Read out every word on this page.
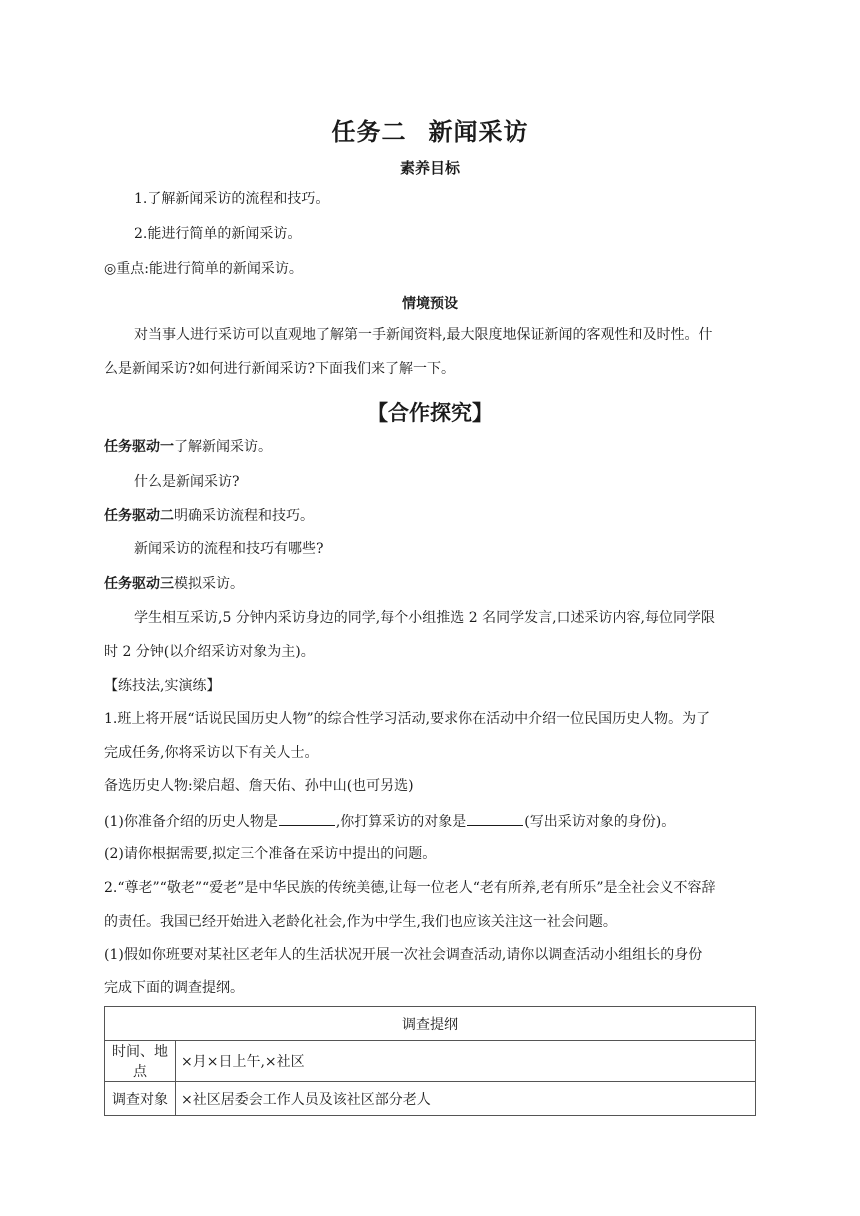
任务二 新闻采访
素养目标
1.了解新闻采访的流程和技巧。
2.能进行简单的新闻采访。
◎重点:能进行简单的新闻采访。
情境预设
对当事人进行采访可以直观地了解第一手新闻资料,最大限度地保证新闻的客观性和及时性。什
么是新闻采访?如何进行新闻采访?下面我们来了解一下。
【合作探究】
任务驱动一了解新闻采访。
什么是新闻采访?
任务驱动二明确采访流程和技巧。
新闻采访的流程和技巧有哪些?
任务驱动三模拟采访。
学生相互采访,5 分钟内采访身边的同学,每个小组推选 2 名同学发言,口述采访内容,每位同学限
时 2 分钟(以介绍采访对象为主)。
【练技法,实演练】
1.班上将开展“话说民国历史人物”的综合性学习活动,要求你在活动中介绍一位民国历史人物。为了
完成任务,你将采访以下有关人士。
备选历史人物:梁启超、詹天佑、孙中山(也可另选)
(1)你准备介绍的历史人物是	,你打算采访的对象是	(写出采访对象的身份)。
(2)请你根据需要,拟定三个准备在采访中提出的问题。
2.“尊老”“敬老”“爱老”是中华民族的传统美德,让每一位老人“老有所养,老有所乐”是全社会义不容辞
的责任。我国已经开始进入老龄化社会,作为中学生,我们也应该关注这一社会问题。
(1)假如你班要对某社区老年人的生活状况开展一次社会调查活动,请你以调查活动小组组长的身份
完成下面的调查提纲。
调查提纲	
时间、地点	×月×日上午,×社区
调查对象	×社区居委会工作人员及该社区部分老人
